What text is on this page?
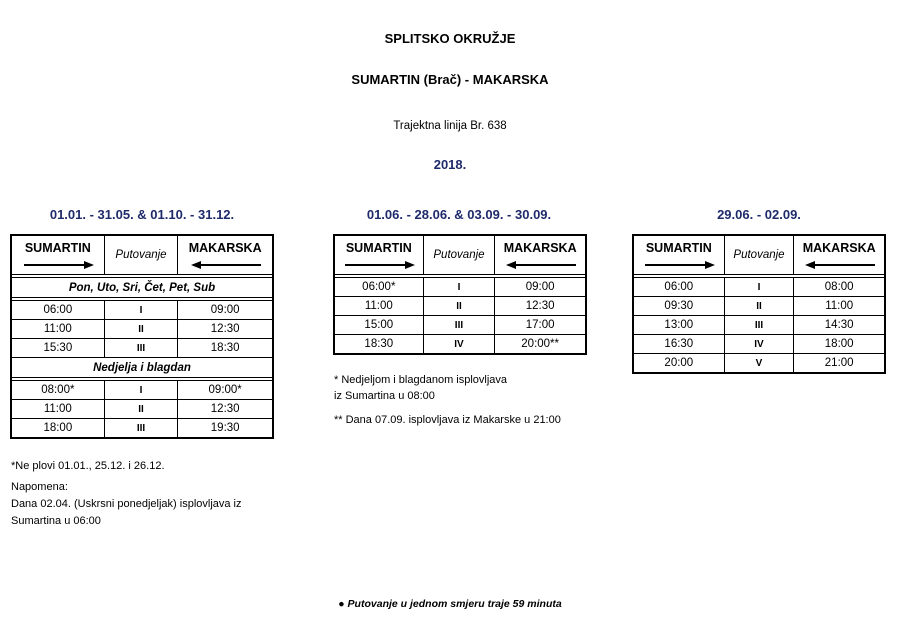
SPLITSKO OKRUŽJE
SUMARTIN (Brač) - MAKARSKA
Trajektna linija Br. 638
2018.
01.01. - 31.05. & 01.10. - 31.12.
SUMARTIN	Putovanje	MAKARSKA

Pon, Uto, Sri, Čet, Pet, Sub		

06:00	I	09:00
11:00	II	12:30
15:30	III	18:30
Nedjelja i blagdan		

08:00*	I	09:00*
11:00	II	12:30
18:00	III	19:30
*Ne plovi 01.01., 25.12. i 26.12.
Napomena:
Dana 02.04. (Uskrsni ponedjeljak) isplovljava iz
Sumartina u 06:00
01.06. - 28.06. & 03.09. - 30.09.
SUMARTIN	Putovanje	MAKARSKA

06:00*	I	09:00
11:00	II	12:30
15:00	III	17:00
18:30	IV	20:00**
* Nedjeljom i blagdanom isplovljava
iz Sumartina u 08:00
** Dana 07.09. isplovljava iz Makarske u 21:00
29.06. - 02.09.
SUMARTIN	Putovanje	MAKARSKA

06:00	I	08:00
09:30	II	11:00
13:00	III	14:30
16:30	IV	18:00
20:00	V	21:00
● Putovanje u jednom smjeru traje 59 minuta
